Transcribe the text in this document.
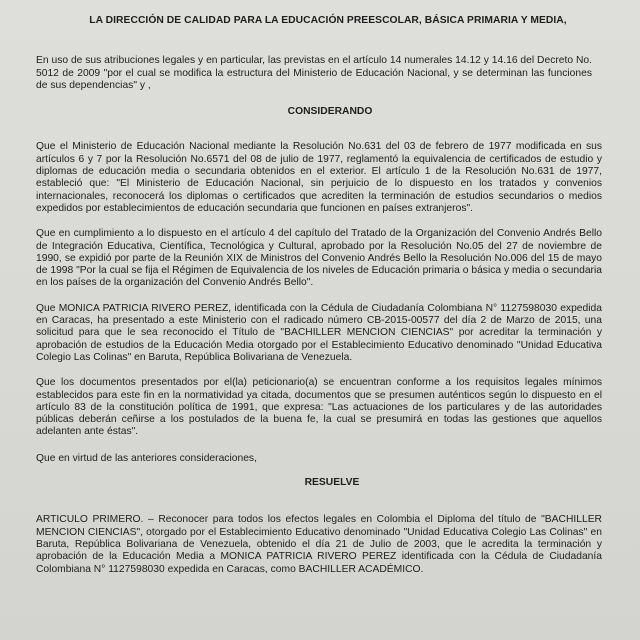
LA DIRECCIÓN DE CALIDAD PARA LA EDUCACIÓN PREESCOLAR, BÁSICA PRIMARIA Y MEDIA,

En uso de sus atribuciones legales y en particular, las previstas en el artículo 14 numerales 14.12 y 14.16 del Decreto No. 5012 de 2009 "por el cual se modifica la estructura del Ministerio de Educación Nacional, y se determinan las funciones de sus dependencias" y ,

CONSIDERANDO

Que el Ministerio de Educación Nacional mediante la Resolución No.631 del 03 de febrero de 1977 modificada en sus artículos 6 y 7 por la Resolución No.6571 del 08 de julio de 1977, reglamentó la equivalencia de certificados de estudio y diplomas de educación media o secundaria obtenidos en el exterior. El artículo 1 de la Resolución No.631 de 1977, estableció que: "El Ministerio de Educación Nacional, sin perjuicio de lo dispuesto en los tratados y convenios internacionales, reconocerá los diplomas o certificados que acrediten la terminación de estudios secundarios o medios expedidos por establecimientos de educación secundaria que funcionen en países extranjeros".

Que en cumplimiento a lo dispuesto en el artículo 4 del capítulo del Tratado de la Organización del Convenio Andrés Bello de Integración Educativa, Científica, Tecnológica y Cultural, aprobado por la Resolución No.05 del 27 de noviembre de 1990, se expidió por parte de la Reunión XIX de Ministros del Convenio Andrés Bello la Resolución No.006 del 15 de mayo de 1998 "Por la cual se fija el Régimen de Equivalencia de los niveles de Educación primaria o básica y media o secundaria en los países de la organización del Convenio Andrés Bello".

Que MONICA PATRICIA RIVERO PEREZ, identificada con la Cédula de Ciudadanía Colombiana N° 1127598030 expedida en Caracas, ha presentado a este Ministerio con el radicado número CB-2015-00577 del día 2 de Marzo de 2015, una solicitud para que le sea reconocido el Título de "BACHILLER MENCION CIENCIAS" por acreditar la terminación y aprobación de estudios de la Educación Media otorgado por el Establecimiento Educativo denominado "Unidad Educativa Colegio Las Colinas" en Baruta, República Bolivariana de Venezuela.

Que los documentos presentados por el(la) peticionario(a) se encuentran conforme a los requisitos legales mínimos establecidos para este fin en la normatividad ya citada, documentos que se presumen auténticos según lo dispuesto en el artículo 83 de la constitución política de 1991, que expresa: "Las actuaciones de los particulares y de las autoridades públicas deberán ceñirse a los postulados de la buena fe, la cual se presumirá en todas las gestiones que aquellos adelanten ante éstas".

Que en virtud de las anteriores consideraciones,

RESUELVE

ARTICULO PRIMERO. – Reconocer para todos los efectos legales en Colombia el Diploma del título de "BACHILLER MENCION CIENCIAS", otorgado por el Establecimiento Educativo denominado "Unidad Educativa Colegio Las Colinas" en Baruta, República Bolivariana de Venezuela, obtenido el día 21 de Julio de 2003, que le acredita la terminación y aprobación de la Educación Media a MONICA PATRICIA RIVERO PEREZ identificada con la Cédula de Ciudadanía Colombiana N° 1127598030 expedida en Caracas, como BACHILLER ACADÉMICO.
